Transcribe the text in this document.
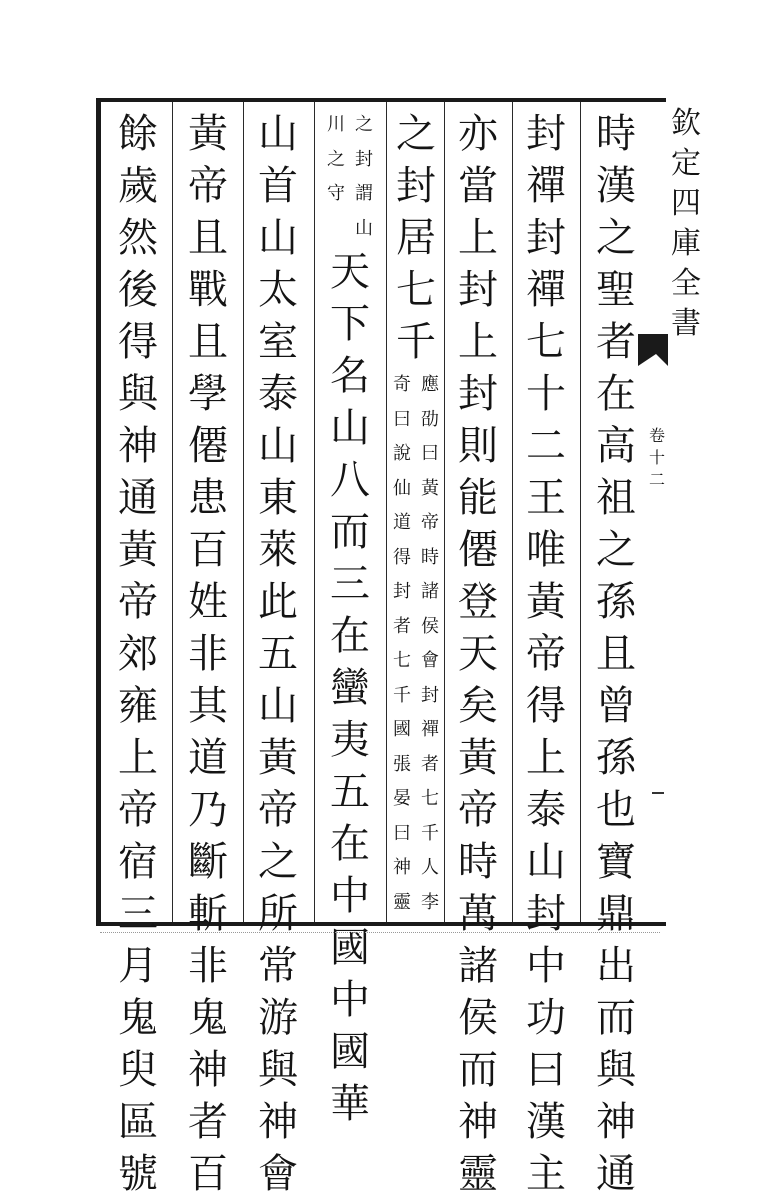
時
漢
之
聖
者
在
高
祖
之
孫
且
曾
孫
也
寶
鼎
出
而
與
神
通
封
禪
封
禪
七
十
二
王
唯
黃
帝
得
上
泰
山
封
中
功
曰
漢
主
亦
當
上
封
上
封
則
能
僊
登
天
矣
黃
帝
時
萬
諸
侯
而
神
靈
之
封
居
七
千
應
劭
曰
黃
帝
時
諸
侯
會
封
禪
者
七
千
人
李
奇
曰
說
仙
道
得
封
者
七
千
國
張
晏
曰
神
靈
之
封
謂
山
川
之
守
天
下
名
山
八
而
三
在
蠻
夷
五
在
中
國
中
國
華
山
首
山
太
室
泰
山
東
萊
此
五
山
黃
帝
之
所
常
游
與
神
會
黃
帝
且
戰
且
學
僊
患
百
姓
非
其
道
乃
斷
斬
非
鬼
神
者
百
餘
歲
然
後
得
與
神
通
黃
帝
郊
雍
上
帝
宿
三
月
鬼
臾
區
號
欽
定
四
庫
全
書
卷
十
二
